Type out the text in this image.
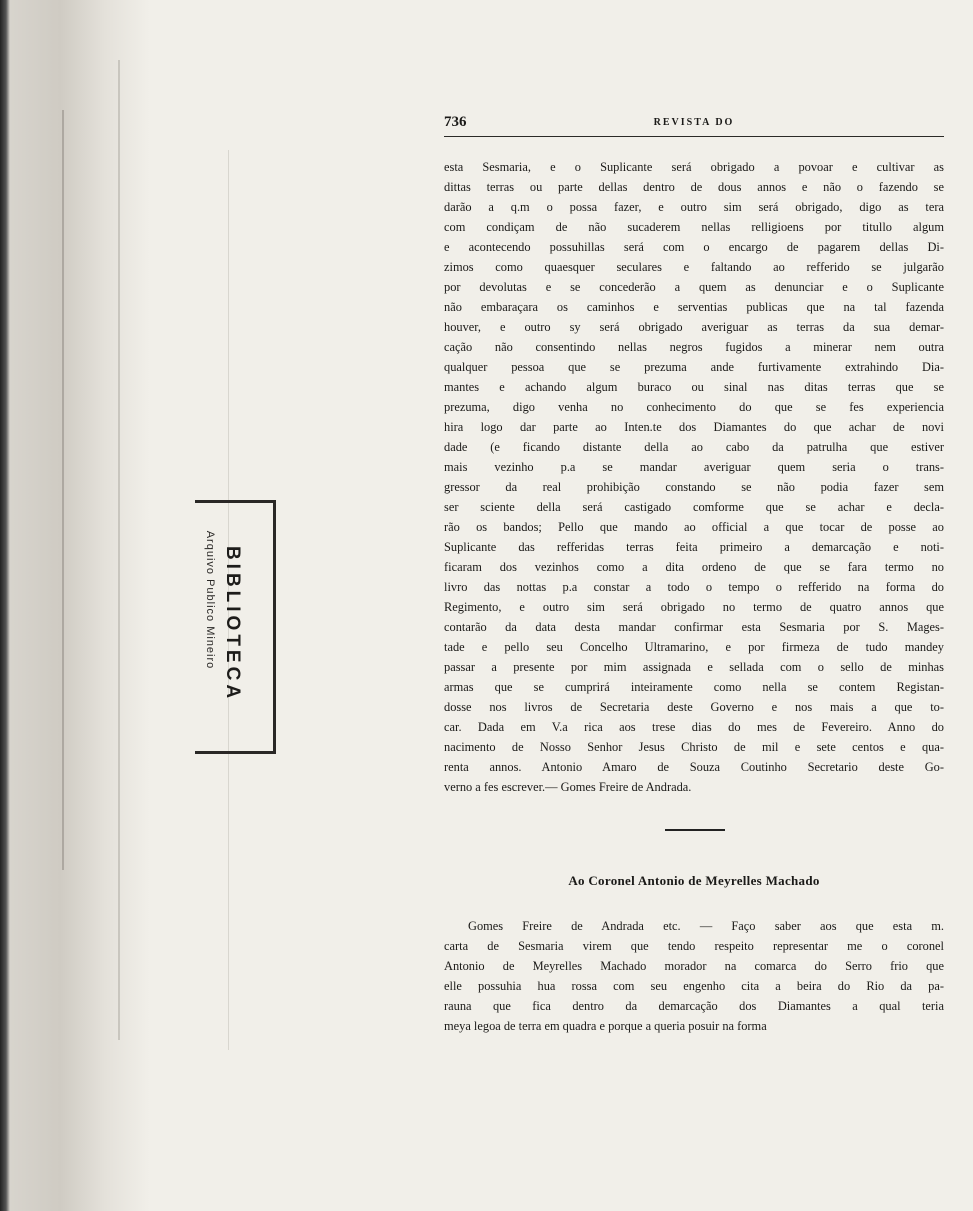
BIBLIOTECA
Arquivo Publico Mineiro
736	REVISTA DO
esta Sesmaria, e o Suplicante será obrigado a povoar e cultivar as
dittas terras ou parte dellas dentro de dous annos e não o fazendo se
darão a q.m o possa fazer, e outro sim será obrigado, digo as tera
com condiçam de não sucaderem nellas relligioens por titullo algum
e acontecendo possuhillas será com o encargo de pagarem dellas Di-
zimos como quaesquer seculares e faltando ao refferido se julgarão
por devolutas e se concederão a quem as denunciar e o Suplicante
não embaraçara os caminhos e serventias publicas que na tal fazenda
houver, e outro sy será obrigado averiguar as terras da sua demar-
cação não consentindo nellas negros fugidos a minerar nem outra
qualquer pessoa que se prezuma ande furtivamente extrahindo Dia-
mantes e achando algum buraco ou sinal nas ditas terras que se
prezuma, digo venha no conhecimento do que se fes experiencia
hira logo dar parte ao Inten.te dos Diamantes do que achar de novi
dade (e ficando distante della ao cabo da patrulha que estiver
mais vezinho p.a se mandar averiguar quem seria o trans-
gressor da real prohibição constando se não podia fazer sem
ser sciente della será castigado comforme que se achar e decla-
rão os bandos; Pello que mando ao official a que tocar de posse ao
Suplicante das refferidas terras feita primeiro a demarcação e noti-
ficaram dos vezinhos como a dita ordeno de que se fara termo no
livro das nottas p.a constar a todo o tempo o refferido na forma do
Regimento, e outro sim será obrigado no termo de quatro annos que
contarão da data desta mandar confirmar esta Sesmaria por S. Mages-
tade e pello seu Concelho Ultramarino, e por firmeza de tudo mandey
passar a presente por mim assignada e sellada com o sello de minhas
armas que se cumprirá inteiramente como nella se contem Registan-
dosse nos livros de Secretaria deste Governo e nos mais a que to-
car. Dada em V.a rica aos trese dias do mes de Fevereiro. Anno do
nacimento de Nosso Senhor Jesus Christo de mil e sete centos e qua-
renta annos. Antonio Amaro de Souza Coutinho Secretario deste Go-
verno a fes escrever.— Gomes Freire de Andrada.
Ao Coronel Antonio de Meyrelles Machado
Gomes Freire de Andrada etc. — Faço saber aos que esta m.
carta de Sesmaria virem que tendo respeito representar me o coronel
Antonio de Meyrelles Machado morador na comarca do Serro frio que
elle possuhia hua rossa com seu engenho cita a beira do Rio da pa-
rauna que fica dentro da demarcação dos Diamantes a qual teria
meya legoa de terra em quadra e porque a queria posuir na forma
